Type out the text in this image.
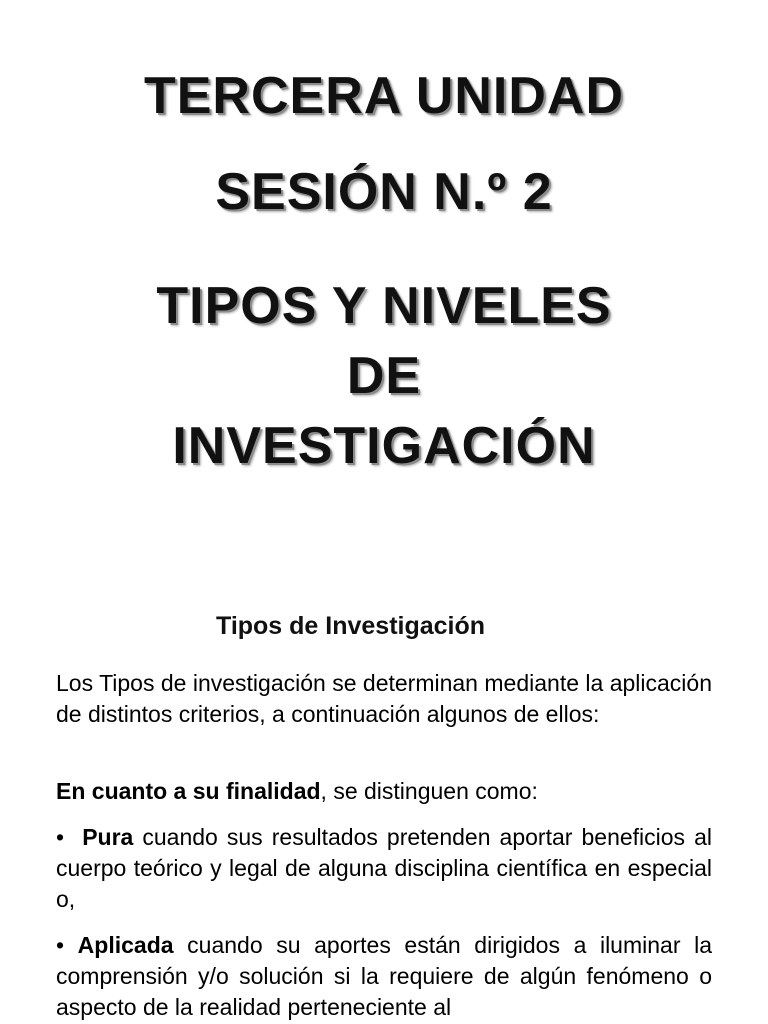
TERCERA UNIDAD
SESIÓN N.º 2
TIPOS Y NIVELES
DE
INVESTIGACIÓN
Tipos de Investigación

Los Tipos de investigación se determinan mediante la aplicación de distintos criterios, a continuación algunos de ellos:

En cuanto a su finalidad, se distinguen como:

• Pura cuando sus resultados pretenden aportar beneficios al cuerpo teórico y legal de alguna disciplina científica en especial o,

• Aplicada cuando su aportes están dirigidos a iluminar la comprensión y/o solución si la requiere de algún fenómeno o aspecto de la realidad perteneciente al
